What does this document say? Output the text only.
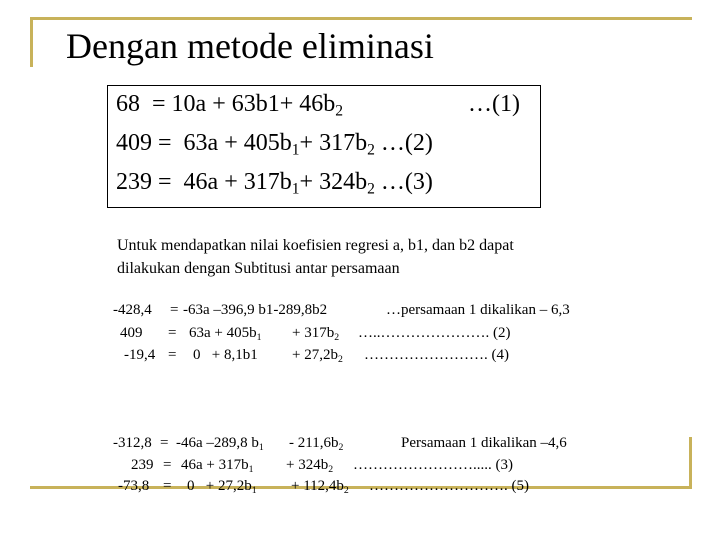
Dengan metode eliminasi
$68 = 10a + 63b1+ 46b_2$	…(1)
$409 = 63a + 405b_1+ 317b_2$ …(2)
$239 = 46a + 317b_1+ 324b_2$ …(3)
Untuk mendapatkan nilai koefisien regresi a, b1, dan b2 dapat
dilakukan dengan Subtitusi antar persamaan
-428,4 = -63a –396,9 b1-289,8b2	…persamaan 1 dikalikan – 6,3
$409 = 63a + 405b_1 + 317b_2$ …..…………………. (2)
$-19,4 = 0 + 8,1b1 + 27,2b_2$ ……………………. (4)
-312,8 = -46a –289,8 $b_1 - 211,6b_2$	Persamaan 1 dikalikan –4,6
$239 = 46a + 317b_1 + 324b_2$ ……………………..... (3)
$-73,8 = 0 + 27,2b_1 + 112,4b_2$ ………………………. (5)
